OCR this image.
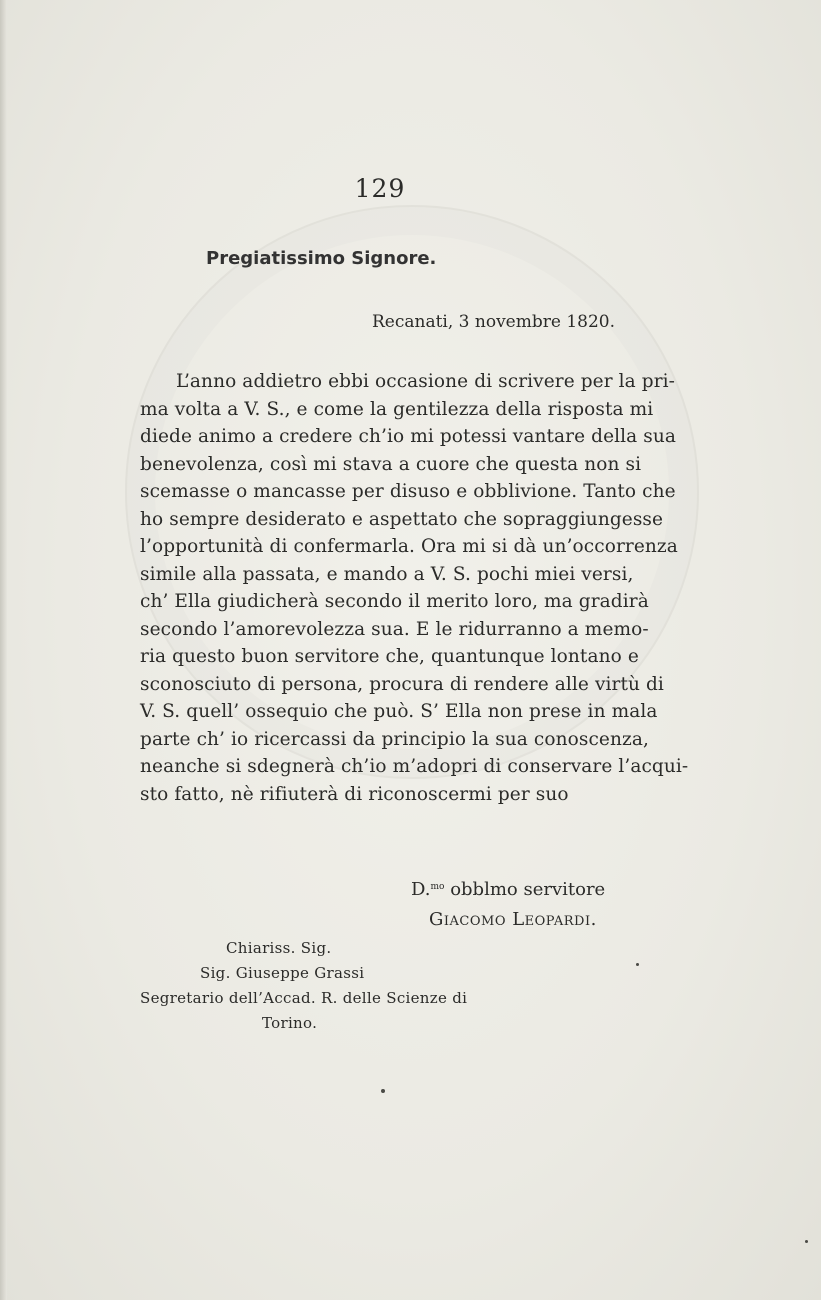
129
Pregiatissimo Signore.
Recanati, 3 novembre 1820.
L’anno addietro ebbi occasione di scrivere per la pri-
ma volta a V. S., e come la gentilezza della risposta mi
diede animo a credere ch’io mi potessi vantare della sua
benevolenza, così mi stava a cuore che questa non si
scemasse o mancasse per disuso e obblivione. Tanto che
ho sempre desiderato e aspettato che sopraggiungesse
l’opportunità di confermarla. Ora mi si dà un’occorrenza
simile alla passata, e mando a V. S. pochi miei versi,
ch’ Ella giudicherà secondo il merito loro, ma gradirà
secondo l’amorevolezza sua. E le ridurranno a memo-
ria questo buon servitore che, quantunque lontano e
sconosciuto di persona, procura di rendere alle virtù di
V. S. quell’ ossequio che può. S’ Ella non prese in mala
parte ch’ io ricercassi da principio la sua conoscenza,
neanche si sdegnerà ch’io m’adopri di conservare l’acqui-
sto fatto, nè rifiuterà di riconoscermi per suo
D.$^{mo}$ obblmo servitore
Giacomo Leopardi.
Chiariss. Sig.
Sig. Giuseppe Grassi
Segretario dell’Accad. R. delle Scienze di
Torino.
